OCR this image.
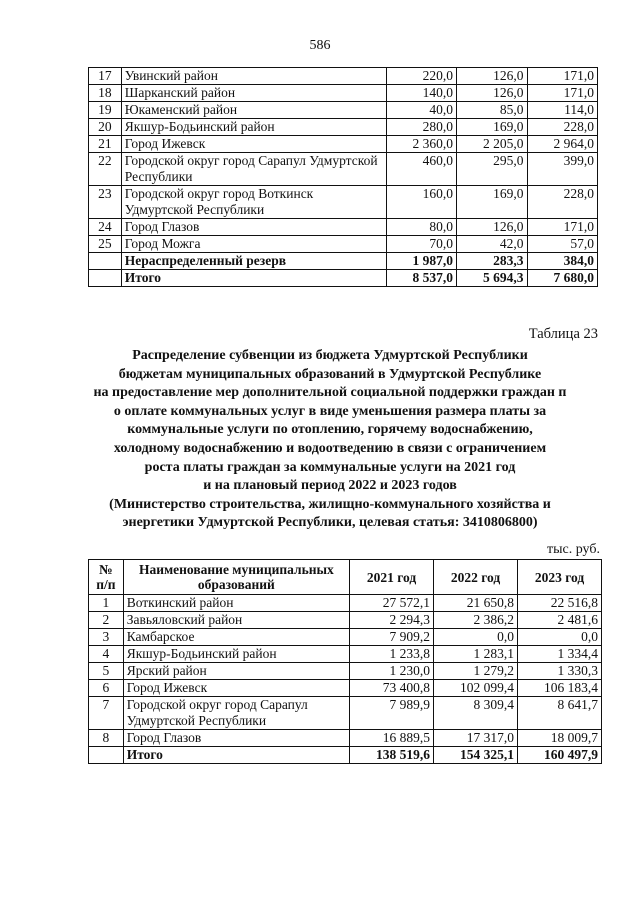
586
17	Увинский район	220,0	126,0	171,0
18	Шарканский район	140,0	126,0	171,0
19	Юкаменский район	40,0	85,0	114,0
20	Якшур-Бодьинский район	280,0	169,0	228,0
21	Город Ижевск	2 360,0	2 205,0	2 964,0
22	Городской округ город Сарапул Удмуртской Республики	460,0	295,0	399,0
23	Городской округ город Воткинск Удмуртской Республики	160,0	169,0	228,0
24	Город Глазов	80,0	126,0	171,0
25	Город Можга	70,0	42,0	57,0
	Нераспределенный резерв	1 987,0	283,3	384,0
	Итого	8 537,0	5 694,3	7 680,0
Таблица 23
Распределение субвенции из бюджета Удмуртской Республики
бюджетам муниципальных образований в Удмуртской Республике
на предоставление мер дополнительной социальной поддержки граждан п
о оплате коммунальных услуг в виде уменьшения размера платы за
коммунальные услуги по отоплению, горячему водоснабжению,
холодному водоснабжению и водоотведению в связи с ограничением
роста платы граждан за коммунальные услуги на 2021 год
и на плановый период 2022 и 2023 годов
(Министерство строительства, жилищно-коммунального хозяйства и
энергетики Удмуртской Республики, целевая статья: 3410806800)
тыс. руб.
№ п/п	Наименование муниципальных образований	2021 год	2022 год	2023 год
1	Воткинский район	27 572,1	21 650,8	22 516,8
2	Завьяловский район	2 294,3	2 386,2	2 481,6
3	Камбарское	7 909,2	0,0	0,0
4	Якшур-Бодьинский район	1 233,8	1 283,1	1 334,4
5	Ярский район	1 230,0	1 279,2	1 330,3
6	Город Ижевск	73 400,8	102 099,4	106 183,4
7	Городской округ город Сарапул Удмуртской Республики	7 989,9	8 309,4	8 641,7
8	Город Глазов	16 889,5	17 317,0	18 009,7
	Итого	138 519,6	154 325,1	160 497,9
